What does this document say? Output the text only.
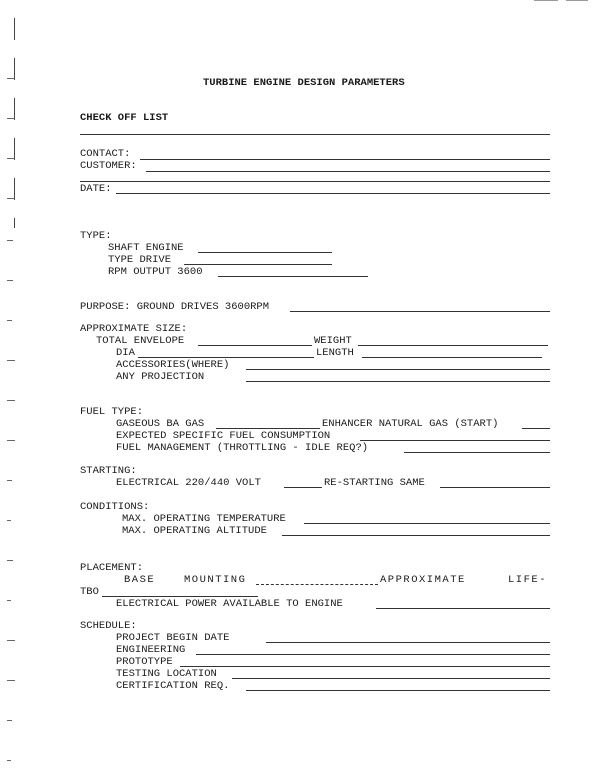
TURBINE ENGINE DESIGN PARAMETERS
CHECK OFF LIST
CONTACT:
CUSTOMER:
DATE:
TYPE:
SHAFT ENGINE
TYPE DRIVE
RPM OUTPUT 3600
PURPOSE: GROUND DRIVES 3600RPM
APPROXIMATE SIZE:
TOTAL ENVELOPE	WEIGHT
DIA	LENGTH
ACCESSORIES(WHERE)
ANY PROJECTION
FUEL TYPE:
GASEOUS BA GAS	ENHANCER NATURAL GAS (START)
EXPECTED SPECIFIC FUEL CONSUMPTION
FUEL MANAGEMENT (THROTTLING - IDLE REQ?)
STARTING:
ELECTRICAL 220/440 VOLT	RE-STARTING SAME
CONDITIONS:
MAX. OPERATING TEMPERATURE
MAX. OPERATING ALTITUDE
PLACEMENT:
BASE	MOUNTING	APPROXIMATE	LIFE-
TBO
ELECTRICAL POWER AVAILABLE TO ENGINE
SCHEDULE:
PROJECT BEGIN DATE
ENGINEERING
PROTOTYPE
TESTING LOCATION
CERTIFICATION REQ.
